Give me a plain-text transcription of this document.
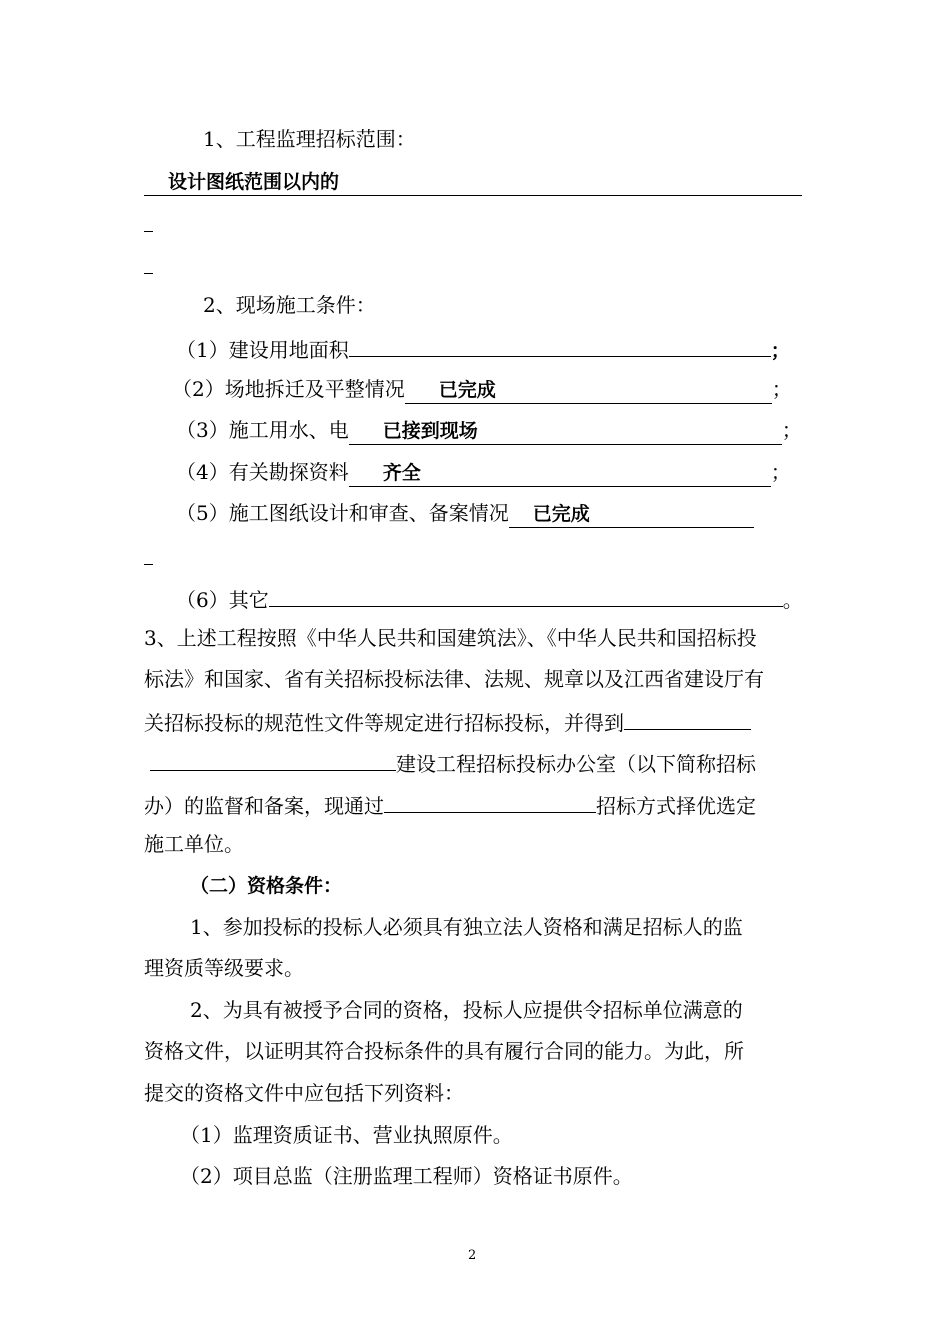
1、工程监理招标范围：
设计图纸范围以内的
2、现场施工条件：
（1）建设用地面积	；
（2）场地拆迁及平整情况 已完成	；
（3）施工用水、电 已接到现场	；
（4）有关勘探资料 齐全	；
（5）施工图纸设计和审查、备案情况 已完成
（6）其它	。
3、上述工程按照《中华人民共和国建筑法》、《中华人民共和国招标投
标法》和国家、省有关招标投标法律、法规、规章以及江西省建设厅有
关招标投标的规范性文件等规定进行招标投标，并得到
建设工程招标投标办公室（以下简称招标
办）的监督和备案，现通过	招标方式择优选定
施工单位。
（二）资格条件：
1、参加投标的投标人必须具有独立法人资格和满足招标人的监
理资质等级要求。
2、为具有被授予合同的资格，投标人应提供令招标单位满意的
资格文件，以证明其符合投标条件的具有履行合同的能力。为此，所
提交的资格文件中应包括下列资料：
（1）监理资质证书、营业执照原件。
（2）项目总监（注册监理工程师）资格证书原件。
2
